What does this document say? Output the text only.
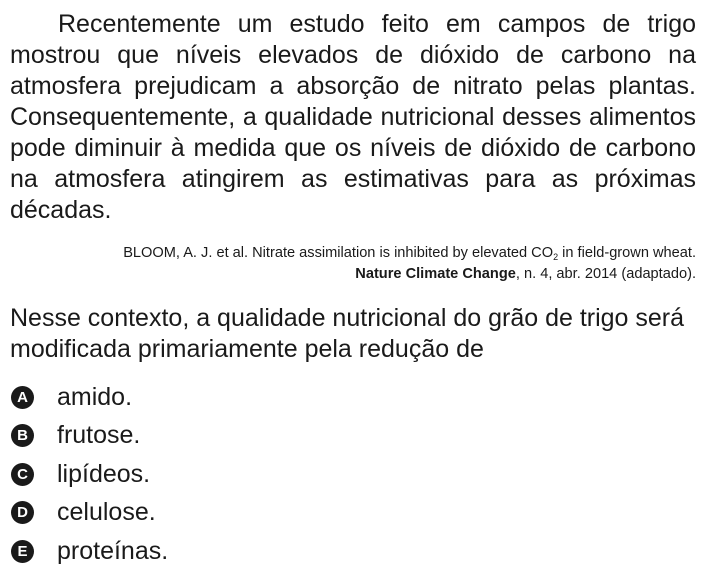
Recentemente um estudo feito em campos de trigo mostrou que níveis elevados de dióxido de carbono na atmosfera prejudicam a absorção de nitrato pelas plantas. Consequentemente, a qualidade nutricional desses alimentos pode diminuir à medida que os níveis de dióxido de carbono na atmosfera atingirem as estimativas para as próximas décadas.

BLOOM, A. J. et al. Nitrate assimilation is inhibited by elevated $CO_2$ in field-grown wheat.
Nature Climate Change, n. 4, abr. 2014 (adaptado).

Nesse contexto, a qualidade nutricional do grão de trigo será modificada primariamente pela redução de

A amido.
B frutose.
C lipídeos.
D celulose.
E proteínas.
